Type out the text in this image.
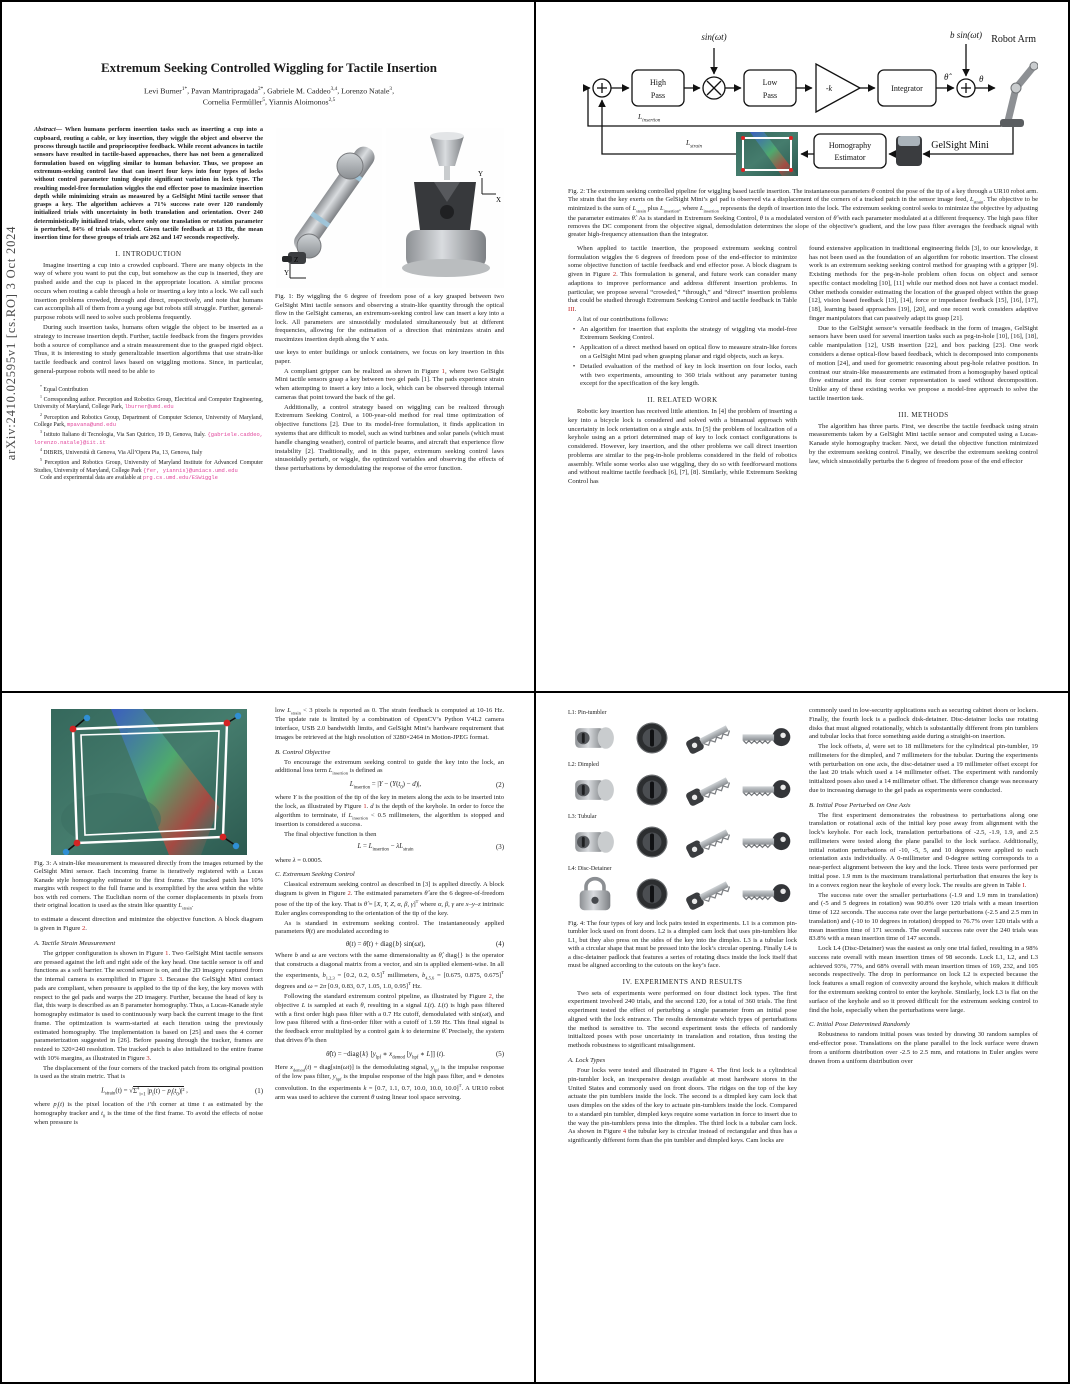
arXiv:2410.02595v1 [cs.RO] 3 Oct 2024
Extremum Seeking Controlled Wiggling for Tactile Insertion
Levi Burner$^{1*}$, Pavan Mantripragada$^{2*}$, Gabriele M. Caddeo$^{3,4}$, Lorenzo Natale$^3$,
Cornelia Fermüller$^5$, Yiannis Aloimonos$^{2,5}$

Abstract— When humans perform insertion tasks such as inserting a cup into a cupboard, routing a cable, or key insertion, they wiggle the object and observe the process through tactile and proprioceptive feedback. While recent advances in tactile sensors have resulted in tactile-based approaches, there has not been a generalized formulation based on wiggling similar to human behavior. Thus, we propose an extremum-seeking control law that can insert four keys into four types of locks without control parameter tuning despite significant variation in lock type. The resulting model-free formulation wiggles the end effector pose to maximize insertion depth while minimizing strain as measured by a GelSight Mini tactile sensor that grasps a key. The algorithm achieves a 71% success rate over 120 randomly initialized trials with uncertainty in both translation and orientation. Over 240 deterministically initialized trials, where only one translation or rotation parameter is perturbed, 84% of trials succeeded. Given tactile feedback at 13 Hz, the mean insertion time for these groups of trials are 262 and 147 seconds respectively.

I. INTRODUCTION

Imagine inserting a cup into a crowded cupboard. There are many objects in the way of where you want to put the cup, but somehow as the cup is inserted, they are pushed aside and the cup is placed in the appropriate location. A similar process occurs when routing a cable through a hole or inserting a key into a lock. We call such insertion problems crowded, through and direct, respectively, and note that humans can accomplish all of them from a young age but robots still struggle. Further, general-purpose robots will need to solve such problems frequently.

During such insertion tasks, humans often wiggle the object to be inserted as a strategy to increase insertion depth. Further, tactile feedback from the fingers provides both a source of compliance and a strain measurement due to the grasped rigid object. Thus, it is interesting to study generalizable insertion algorithms that use strain-like tactile feedback and control laws based on wiggling motions. Since, in particular, general-purpose robots will need to be able to

* Equal Contribution
$^1$ Corresponding author. Perception and Robotics Group, Electrical and Computer Engineering, University of Maryland, College Park, lburner@umd.edu
$^2$ Perception and Robotics Group, Department of Computer Science, University of Maryland, College Park, mpavana@umd.edu
$^3$ Istituto Italiano di Tecnologia, Via San Quirico, 19 D, Genova, Italy. {gabriele.caddeo, lorenzo.natale}@iit.it
$^4$ DIBRIS, Università di Genova, Via All’Opera Pia, 13, Genova, Italy
$^5$ Perception and Robotics Group, University of Maryland Institute for Advanced Computer Studies, University of Maryland, College Park {fer, yiannis}@umiacs.umd.edu
Code and experimental data are available at prg.cs.umd.edu/ESWiggle
Z
Y
Y
X

Fig. 1: By wiggling the 6 degree of freedom pose of a key grasped between two GelSight Mini tactile sensors and observing a strain-like quantity through the optical flow in the GelSight cameras, an extremum-seeking control law can insert a key into a lock. All parameters are sinusoidally modulated simultaneously but at different frequencies, allowing for the estimation of a direction that minimizes strain and maximizes insertion depth along the Y axis.

use keys to enter buildings or unlock containers, we focus on key insertion in this paper.

A compliant gripper can be realized as shown in Figure 1, where two GelSight Mini tactile sensors grasp a key between two gel pads [1]. The pads experience strain when attempting to insert a key into a lock, which can be observed through internal cameras that point toward the back of the gel.

Additionally, a control strategy based on wiggling can be realized through Extremum Seeking Control, a 100-year-old method for real time optimization of objective functions [2]. Due to its model-free formulation, it finds application in systems that are difficult to model, such as wind turbines and solar panels (which must handle changing weather), control of particle beams, and aircraft that experience flow instability [2]. Traditionally, and in this paper, extremum seeking control laws sinusoidally perturb, or wiggle, the optimized variables and observing the effects of these perturbations by demodulating the response of the error function.

High
Pass
Low
Pass
-k	Integrator
Homography
Estimator
sin(ωt)	b sin(ωt)
θ̂	θ
Robot Arm
GelSight Mini
$L_{insertion}$
$L_{strain}$

Fig. 2: The extremum seeking controlled pipeline for wiggling based tactile insertion. The instantaneous parameters θ control the pose of the tip of a key through a UR10 robot arm. The strain that the key exerts on the GelSight Mini’s gel pad is observed via a displacement of the corners of a tracked patch in the sensor image feed, $L_{strain}$. The objective to be minimized is the sum of $L_{strain}$ plus $L_{insertion}$, where $L_{insertion}$ represents the depth of insertion into the lock. The extremum seeking control seeks to minimize the objective by adjusting the parameter estimates θ̂. As is standard in Extremum Seeking Control, θ is a modulated version of θ̂ with each parameter modulated at a different frequency. The high pass filter removes the DC component from the objective signal, demodulation determines the slope of the objective’s gradient, and the low pass filter averages the feedback signal with greater high-frequency attenuation than the integrator.

When applied to tactile insertion, the proposed extremum seeking control formulation wiggles the 6 degrees of freedom pose of the end-effector to minimize some objective function of tactile feedback and end effector pose. A block diagram is given in Figure 2. This formulation is general, and future work can consider many adaptions to improve performance and address different insertion problems. In particular, we propose several “crowded,” “through,” and “direct” insertion problems that could be studied through Extremum Seeking Control and tactile feedback in Table III.

A list of our contributions follows:

• An algorithm for insertion that exploits the strategy of wiggling via model-free Extremum Seeking Control.
• Application of a direct method based on optical flow to measure strain-like forces on a GelSight Mini pad when grasping planar and rigid objects, such as keys.
• Detailed evaluation of the method of key in lock insertion on four locks, each with two experiments, amounting to 360 trials without any parameter tuning except for the specification of the key length.
II. RELATED WORK

Robotic key insertion has received little attention. In [4] the problem of inserting a key into a bicycle lock is considered and solved with a bimanual approach with uncertainty in lock orientation on a single axis. In [5] the problem of localization of a keyhole using an a priori determined map of key to lock contact configurations is considered. However, key insertion, and the other problems we call direct insertion problems are similar to the peg-in-hole problems considered in the field of robotics assembly. While some works also use wiggling, they do so with feedforward motions and without realtime tactile feedback [6], [7], [8]. Similarly, while Extremum Seeking Control has

found extensive application in traditional engineering fields [3], to our knowledge, it has not been used as the foundation of an algorithm for robotic insertion. The closest work is an extremum seeking seeking control method for grasping with a gripper [9]. Existing methods for the peg-in-hole problem often focus on object and sensor specific contact modeling [10], [11] while our method does not have a contact model. Other methods consider estimating the location of the grasped object within the grasp [12], vision based feedback [13], [14], force or impedance feedback [15], [16], [17], [18], learning based approaches [19], [20], and one recent work considers adaptive finger manipulators that can passively adapt its grasp [21].

Due to the GelSight sensor’s versatile feedback in the form of images, GelSight sensors have been used for several insertion tasks such as peg-in-hole [10], [16], [18], cable manipulation [12], USB insertion [22], and box packing [23]. One work considers a dense optical-flow based feedback, which is decomposed into components of motion [24], and used for geometric reasoning about peg-hole relative position. In contrast our strain-like measurements are estimated from a homography based optical flow estimator and its four corner representation is used without decomposition. Unlike any of these existing works we propose a model-free approach to solve the tactile insertion task.

III. METHODS

The algorithm has three parts. First, we describe the tactile feedback using strain measurements taken by a GelSight Mini tactile sensor and computed using a Lucas-Kanade style homography tracker. Next, we detail the objective function minimized by the extremum seeking control. Finally, we describe the extremum seeking control law, which sinusoidally perturbs the 6 degree of freedom pose of the end effector

Fig. 3: A strain-like measurement is measured directly from the images returned by the GelSight Mini sensor. Each incoming frame is iteratively registered with a Lucas Kanade style homography estimator to the first frame. The tracked patch has 10% margins with respect to the full frame and is exemplified by the area within the white box with red corners. The Euclidian norm of the corner displacements in pixels from their original location is used as the strain like quantity $L_{strain}$.

to estimate a descent direction and minimize the objective function. A block diagram is given in Figure 2.

A. Tactile Strain Measurement

The gripper configuration is shown in Figure 1. Two GelSight Mini tactile sensors are pressed against the left and right side of the key head. One tactile sensor is off and functions as a soft barrier. The second sensor is on, and the 2D imagery captured from the internal camera is exemplified in Figure 3. Because the GelSight Mini contact pads are compliant, when pressure is applied to the tip of the key, the key moves with respect to the gel pads and warps the 2D imagery. Further, because the head of key is flat, this warp is described as an 8 parameter homography. Thus, a Lucas-Kanade style homography estimator is used to continuously warp back the current image to the first frame. The optimization is warm-started at each iteration using the previously estimated homography. The implementation is based on [25] and uses the 4 corner parameterization suggested in [26]. Before passing through the tracker, frames are resized to 320×240 resolution. The tracked patch is also initialized to the entire frame with 10% margins, as illustrated in Figure 3.

The displacement of the four corners of the tracked patch from its original position is used as the strain metric. That is

$L_{strain}(t) = √\Sigma^4_{i=1}$ $|p_i(t) - p_i(t_0)|^2$ ,	(1)

where $p_i(t)$ is the pixel location of the i’th corner at time t as estimated by the homography tracker and $t_0$ is the time of the first frame. To avoid the effects of noise when pressure is

low $L_{strain} < 3$ pixels is reported as 0. The strain feedback is computed at 10-16 Hz. The update rate is limited by a combination of OpenCV’s Python V4L2 camera interface, USB 2.0 bandwidth limits, and GelSight Mini’s hardware requirement that images be retrieved at the high resolution of 3280×2464 in Motion-JPEG format.

B. Control Objective

To encourage the extremum seeking control to guide the key into the lock, an additional loss term $L_{insertion}$ is defined as

$L_{insertion} = |Y - (Y(t_0) - d)|$,	(2)

where Y is the position of the tip of the key in meters along the axis to be inserted into the lock, as illustrated by Figure 1. d is the depth of the keyhole. In order to force the algorithm to terminate, if $L_{insertion} < 0.5$ millimeters, the algorithm is stopped and insertion is considered a success.

The final objective function is then

$L = L_{insertion} - \lambda L_{strain}$	(3)

where λ = 0.0005.

C. Extremum Seeking Control

Classical extremum seeking control as described in [3] is applied directly. A block diagram is given in Figure 2. The estimated parameters θ̂ are the 6 degree-of-freedom pose of the tip of the key. That is θ̂ = [X, Y, Z, α, β, γ]$^T$ where α, β, γ are x–y–z intrinsic Euler angles corresponding to the orientation of the tip of the key.

As is standard in extremum seeking control. The instantaneously applied parameters θ(t) are modulated according to

θ(t) = θ̂(t) + diag{b} sin(ωt),	(4)

Where b and ω are vectors with the same dimensionality as θ̂, diag{} is the operator that constructs a diagonal matrix from a vector, and sin is applied element-wise. In all the experiments, $b_{1,2,3} = [0.2$, 0.2, 0.5]$^T$ millimeters, $b_{4,5,6} = [0.675$, 0.875, 0.675]$^T$ degrees and ω = 2π [0.9, 0.83, 0.7, 1.05, 1.0, 0.95]$^T$ Hz.

Following the standard extremum control pipeline, as illustrated by Figure 2, the objective L is sampled at each θ, resulting in a signal L(t). L(t) is high pass filtered with a first order high pass filter with a 0.7 Hz cutoff, demodulated with sin(ωt), and low pass filtered with a first-order filter with a cutoff of 1.59 Hz. This final signal is the feedback error multiplied by a control gain k to determine θ̂. Precisely, the system that drives θ̂ is then

θ̂̇(t) = −diag{k} [$y_{lpf}$ ∗ $x_{demod}$ [$y_{hpf}$ ∗ L]] (t).	(5)

Here $x_{demod}(t)$ = diag[sin(ωt)] is the demodulating signal, $y_{lpf}$ is the impulse response of the low pass filter, $y_{hpf}$ is the impulse response of the high pass filter, and ∗ denotes convolution. In the experiments k = [0.7, 1.1, 0.7, 10.0, 10.0, 10.0]$^T$. A UR10 robot arm was used to achieve the current θ using linear tool space servoing.

L1: Pin-tumbler
L2: Dimpled
L3: Tubular
L4: Disc-Detainer

Fig. 4: The four types of key and lock pairs tested in experiments. L1 is a common pin-tumbler lock used on front doors. L2 is a dimpled cam lock that uses pin-tumblers like L1, but they also press on the sides of the key into the dimples. L3 is a tubular lock with a circular shape that must be pressed into the lock’s circular opening. Finally L4 is a disc-detainer padlock that features a series of rotating discs inside the lock itself that must be aligned according to the cutouts on the key’s face.

IV. EXPERIMENTS AND RESULTS

Two sets of experiments were performed on four distinct lock types. The first experiment involved 240 trials, and the second 120, for a total of 360 trials. The first experiment tested the effect of perturbing a single parameter from an initial pose aligned with the lock entrance. The results demonstrate which types of perturbations the method is sensitive to. The second experiment tests the effects of randomly initialized poses with pose uncertainty in translation and rotation, thus testing the methods robustness to significant misalignment.

A. Lock Types

Four locks were tested and illustrated in Figure 4. The first lock is a cylindrical pin-tumbler lock, an inexpensive design available at most hardware stores in the United States and commonly used on front doors. The ridges on the top of the key actuate the pin tumblers inside the lock. The second is a dimpled key cam lock that uses dimples on the sides of the key to actuate pin-tumblers inside the lock. Compared to a standard pin tumbler, dimpled keys require some variation in force to insert due to the way the pin-tumblers press into the dimples. The third lock is a tubular cam lock. As shown in Figure 4 the tubular key is circular instead of rectangular and thus has a significantly different form than the pin tumbler and dimpled keys. Cam locks are

commonly used in low-security applications such as securing cabinet doors or lockers. Finally, the fourth lock is a padlock disk-detainer. Disc-detainer locks use rotating disks that must aligned rotationally, which is substantially different from pin tumblers and tubular locks that force something aside during a straight-on insertion.

The lock offsets, d, were set to 18 millimeters for the cylindrical pin-tumbler, 19 millimeters for the dimpled, and 7 millimeters for the tubular. During the experiments with perturbation on one axis, the disc-detainer used a 19 millimeter offset except for the last 20 trials which used a 14 millimeter offset. The experiment with randomly initialized poses also used a 14 millimeter offset. The difference change was necessary due to increasing damage to the gel pads as experiments were conducted.

B. Initial Pose Perturbed on One Axis

The first experiment demonstrates the robustness to perturbations along one translation or rotational axis of the initial key pose away from alignment with the lock’s keyhole. For each lock, translation perturbations of -2.5, -1.9, 1.9, and 2.5 millimeters were tested along the plane parallel to the lock surface. Additionally, initial rotation perturbations of -10, -5, 5, and 10 degrees were applied to each orientation axis individually. A 0-millimeter and 0-degree setting corresponds to a near-perfect alignment between the key and the lock. Three tests were performed per initial pose. 1.9 mm is the maximum translational perturbation that ensures the key is in a convex region near the keyhole of every lock. The results are given in Table I.

The success rate over the smaller perturbations (-1.9 and 1.9 mm in translation) and (-5 and 5 degrees in rotation) was 90.8% over 120 trials with a mean insertion time of 122 seconds. The success rate over the large perturbations (-2.5 and 2.5 mm in translation) and (-10 to 10 degrees in rotation) dropped to 76.7% over 120 trials with a mean insertion time of 171 seconds. The overall success rate over the 240 trials was 83.8% with a mean insertion time of 147 seconds.

Lock L4 (Disc-Detainer) was the easiest as only one trial failed, resulting in a 98% success rate overall with mean insertion times of 98 seconds. Lock L1, L2, and L3 achieved 93%, 77%, and 68% overall with mean insertion times of 169, 232, and 105 seconds respectively. The drop in performance on lock L2 is expected because the lock features a small region of convexity around the keyhole, which makes it difficult for the extremum seeking control to enter the keyhole. Similarly, lock L3 is flat on the surface of the keyhole and so it proved difficult for the extremum seeking control to find the hole, especially when the perturbations were large.

C. Initial Pose Determined Randomly

Robustness to random initial poses was tested by drawing 30 random samples of end-effector pose. Translations on the plane parallel to the lock surface were drawn from a uniform distribution over -2.5 to 2.5 mm, and rotations in Euler angles were drawn from a uniform distribution over
